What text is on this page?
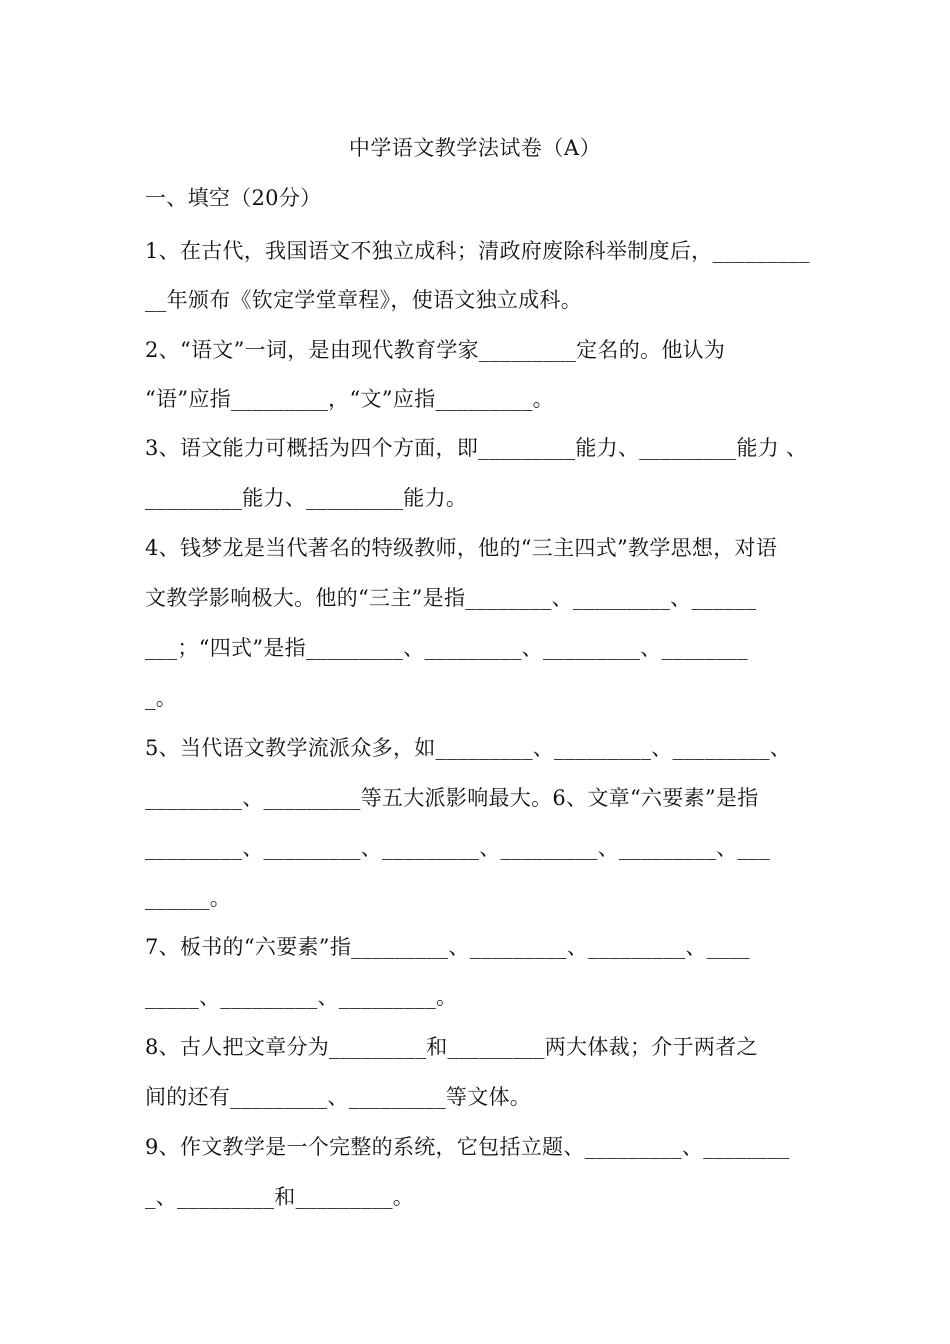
中学语文教学法试卷（A）
一、填空（20分）
1、在古代，我国语文不独立成科；清政府废除科举制度后，_________
__年颁布《钦定学堂章程》，使语文独立成科。
2、“语文”一词，是由现代教育学家_________定名的。他认为
“语”应指_________，“文”应指_________。
3、语文能力可概括为四个方面，即_________能力、_________能力 、
_________能力、_________能力。
4、钱梦龙是当代著名的特级教师，他的“三主四式”教学思想，对语
文教学影响极大。他的“三主”是指________、_________、______
___；“四式”是指_________、_________、_________、________
_。
5、当代语文教学流派众多，如_________、_________、_________、
_________、_________等五大派影响最大。6、文章“六要素”是指
_________、_________、_________、_________、_________、___
______。
7、板书的“六要素”指_________、_________、_________、____
_____、_________、_________。
8、古人把文章分为_________和_________两大体裁；介于两者之
间的还有_________、_________等文体。
9、作文教学是一个完整的系统，它包括立题、_________、________
_、_________和_________。
